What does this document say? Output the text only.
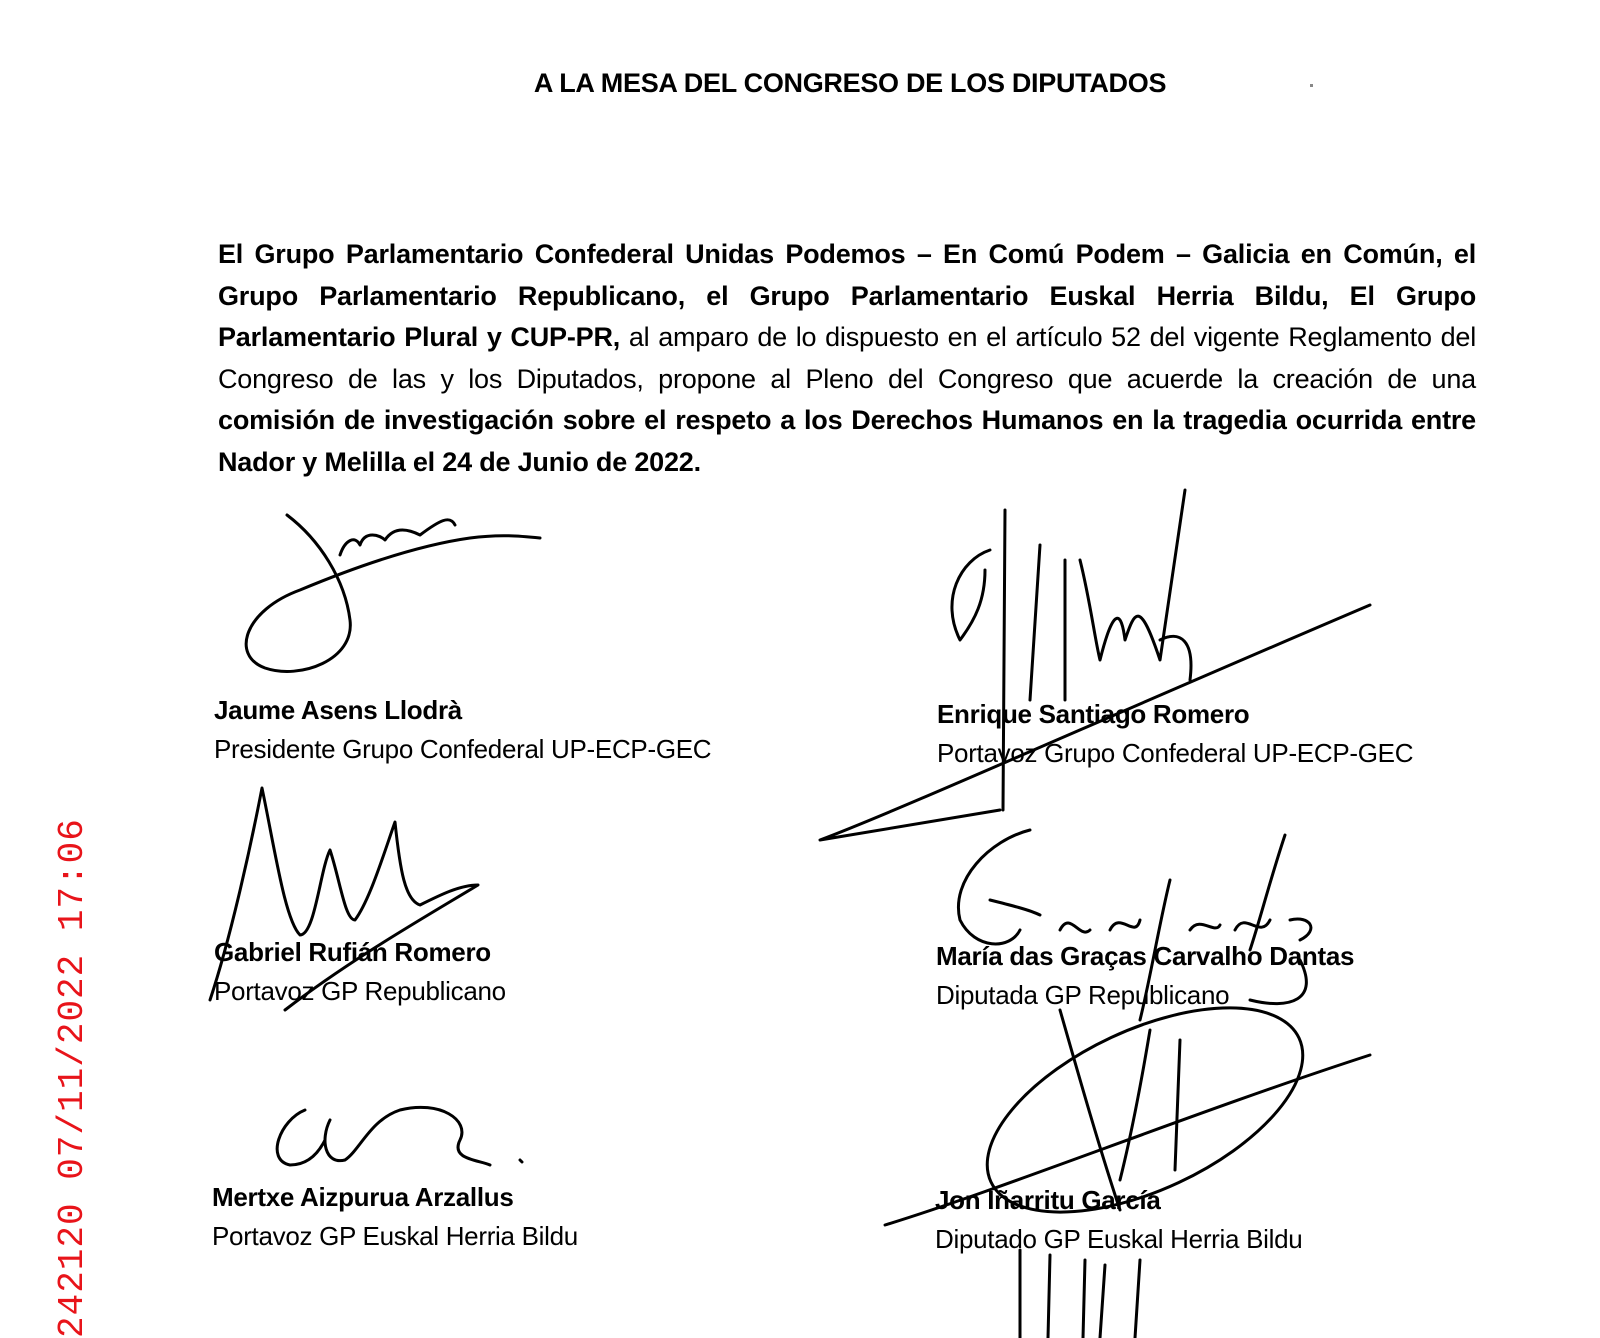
A LA MESA DEL CONGRESO DE LOS DIPUTADOS

El Grupo Parlamentario Confederal Unidas Podemos – En Comú Podem – Galicia en Común, el Grupo Parlamentario Republicano, el Grupo Parlamentario Euskal Herria Bildu, El Grupo Parlamentario Plural y CUP-PR, al amparo de lo dispuesto en el artículo 52 del vigente Reglamento del Congreso de las y los Diputados, propone al Pleno del Congreso que acuerde la creación de una comisión de investigación sobre el respeto a los Derechos Humanos en la tragedia ocurrida entre Nador y Melilla el 24 de Junio de 2022.

Jaume Asens Llodrà
Presidente Grupo Confederal UP-ECP-GEC
Enrique Santiago Romero
Portavoz Grupo Confederal UP-ECP-GEC
Gabriel Rufián Romero
Portavoz GP Republicano
María das Graças Carvalho Dantas
Diputada GP Republicano
Mertxe Aizpurua Arzallus
Portavoz GP Euskal Herria Bildu
Jon Iñarritu García
Diputado GP Euskal Herria Bildu
242120 07/11/2022 17:06
